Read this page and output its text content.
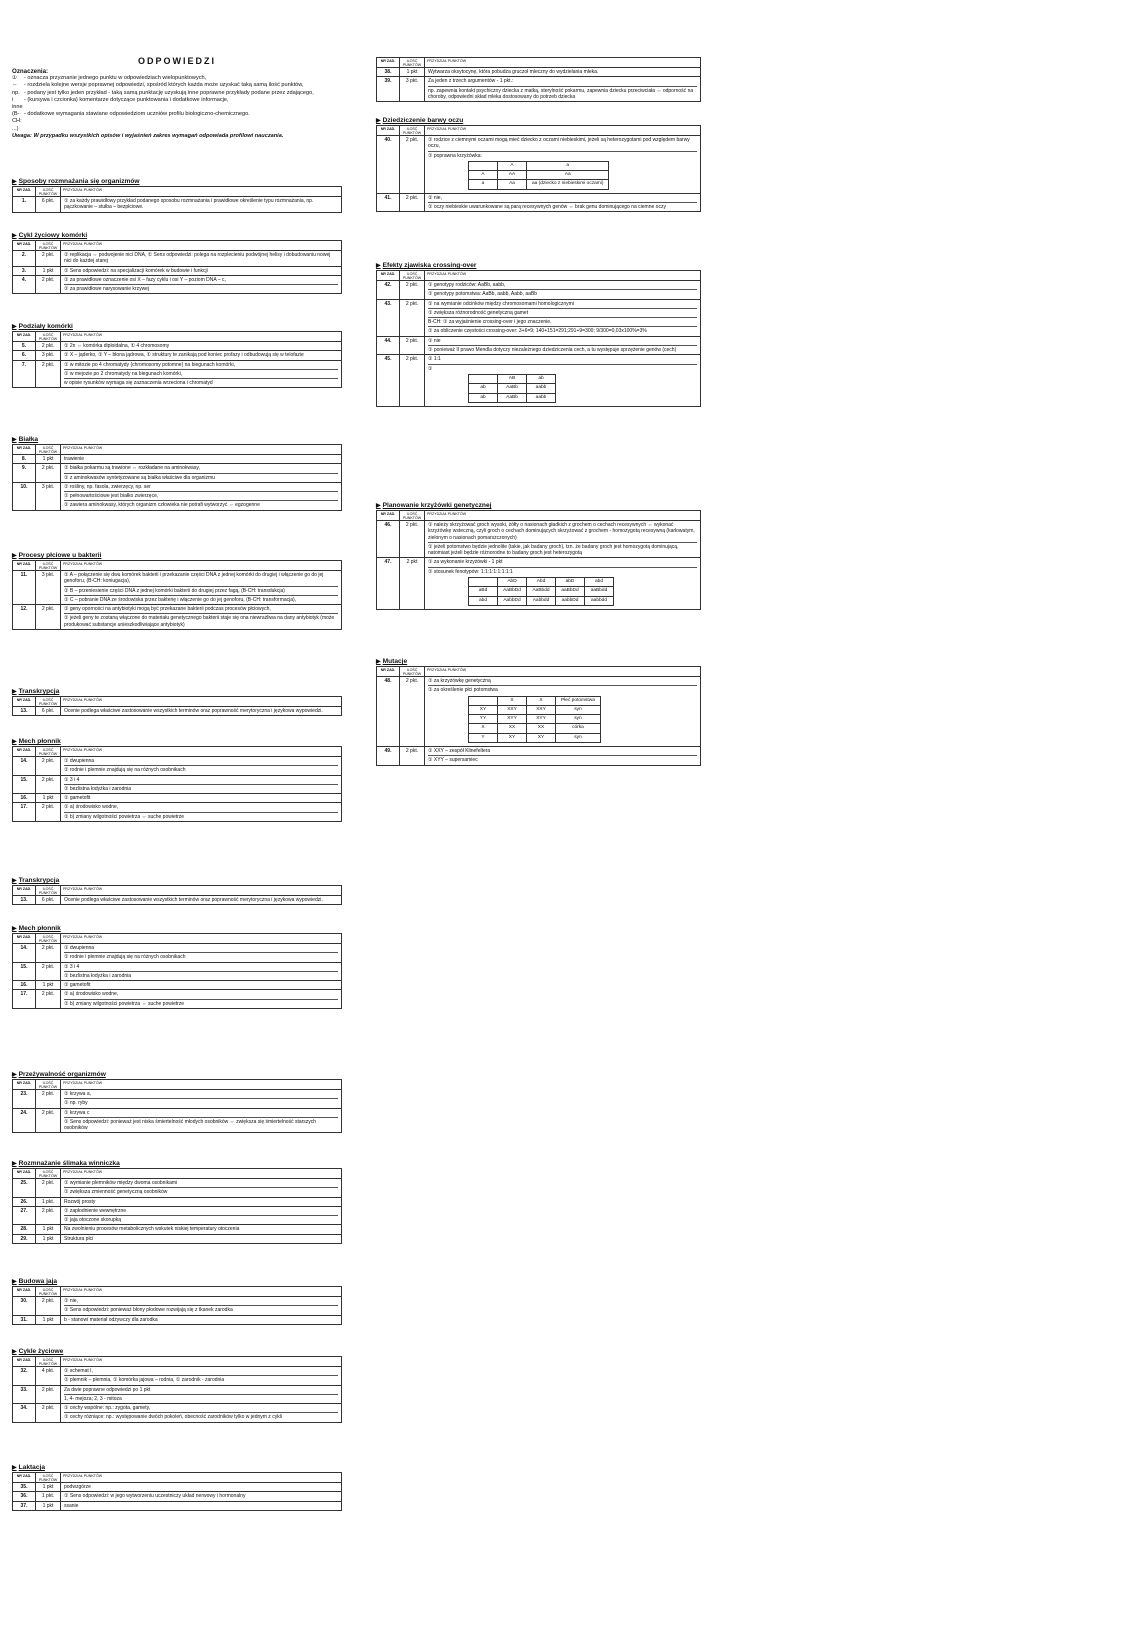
ODPOWIEDZI
Oznaczenia:
①	- oznacza przyznanie jednego punktu w odpowiedziach wielopunktowych,
⇔	- rozdziela kolejne wersje poprawnej odpowiedzi, spośród których każda może uzyskać taką samą ilość punktów,
np. - podany jest tylko jeden przykład - taką samą punktację uzyskują inne poprawne przykłady podane przez zdającego,
i inne
- (kursywa i czcionka) komentarze dotyczące punktowania i dodatkowe informacje,
(B-CH: ...)
- dodatkowe wymagania stawiane odpowiedziom uczniów profilu biologiczno-chemicznego.
Uwaga: W przypadku wszystkich opisów i wyjaśnień zakres wymagań odpowiada profilowi nauczania.
▶ Sposoby rozmnażania się organizmów
NR ZAD.	ILOŚĆ PUNKTÓW	PRZYDZIAŁ PUNKTÓW
1.	6 pkt.	① za każdy prawidłowy przykład podanego sposobu rozmnażania i prawidłowe określenie typu rozmnażania, np. pączkowanie – stułba – bezpłciowe.
▶ Cykl życiowy komórki
NR ZAD.	ILOŚĆ PUNKTÓW	PRZYDZIAŁ PUNKTÓW
2.	2 pkt.	① replikacja ⇔ podwojenie nici DNA, ① Sens odpowiedzi: polega na rozplecieniu podwójnej helisy i dobudowaniu nowej nici do każdej starej

3.	1 pkt	① Sens odpowiedzi: na specjalizacji komórek w budowie i funkcji

4.	2 pkt.	① za prawidłowe oznaczenie osi X – fazy cyklu i osi Y – poziom DNA – c,
① za prawidłowe narysowanie krzywej
▶ Podziały komórki
NR ZAD.	ILOŚĆ PUNKTÓW	PRZYDZIAŁ PUNKTÓW
5.	2 pkt.	① 2n ⇔ komórka diploidalna, ① 4 chromosomy

6.	3 pkt.	① X – jąderko, ① Y – błona jądrowa, ① struktury te zanikają pod koniec profazy i odbudowują się w telofazie

7.	2 pkt.	① w mitozie po 4 chromatydy (chromosomy potomne) na biegunach komórki,
① w mejozie po 2 chromatydy na biegunach komórki,
w opisie rysunków wymaga się zaznaczenia wrzeciona i chromatyd
▶ Białka
NR ZAD.	ILOŚĆ PUNKTÓW	PRZYDZIAŁ PUNKTÓW
8.	1 pkt	trawienie

9.	2 pkt.	① białka pokarmu są trawione ⇔ rozkładane na aminokwasy,
① z aminokwasów syntetyzowane są białka właściwe dla organizmu

10.	3 pkt.	① rośliny, np. fasola, zwierzęcy, np. ser
① pełnowartościowe jest białko zwierzęce,
① zawiera aminokwasy, których organizm człowieka nie potrafi wytworzyć ⇔ egzogenne
▶ Procesy płciowe u bakterii
NR ZAD.	ILOŚĆ PUNKTÓW	PRZYDZIAŁ PUNKTÓW
11.	3 pkt.	① A – połączenie się dwu komórek bakterii i przekazanie części DNA z jednej komórki do drugiej i włączenie go do jej genoforu, (B-CH: koniugacja),
① B – przeniesienie części DNA z jednej komórki bakterii do drugiej przez fagą, (B-CH: transdukcja)
① C – pobranie DNA ze środowiska przez bakterię i włączenie go do jej genoforu, (B-CH: transformacja),

12.	2 pkt.	① geny oporności na antybiotyki mogą być przekazane bakterii podczas procesów płciowych,
① jeżeli geny te zostaną włączone do materiału genetycznego bakterii staje się ona niewrażliwa na dany antybiotyk (może produkować substancje unieszkodliwiające antybiotyk)
▶ Transkrypcja
NR ZAD.	ILOŚĆ PUNKTÓW	PRZYDZIAŁ PUNKTÓW
13.	6 pkt.	Ocenie podlega właściwe zastosowanie wszystkich terminów oraz poprawność merytoryczna i językowa wypowiedzi.
▶ Mech płonnik
NR ZAD.	ILOŚĆ PUNKTÓW	PRZYDZIAŁ PUNKTÓW
14.	2 pkt.	① dwupienna
① rodnie i plemnie znajdują się na różnych osobnikach

15.	2 pkt.	① 3 i 4
① bezlistna łodyżka i zarodnia

16.	1 pkt	① gametofit

17.	2 pkt.	① a) środowisko wodne,
① b) zmiany wilgotności powietrza ⇔ suche powietrze
▶ Transkrypcja
NR ZAD.	ILOŚĆ PUNKTÓW	PRZYDZIAŁ PUNKTÓW
13.	6 pkt.	Ocenie podlega właściwe zastosowanie wszystkich terminów oraz poprawność merytoryczna i językowa wypowiedzi.
▶ Mech płonnik
NR ZAD.	ILOŚĆ PUNKTÓW	PRZYDZIAŁ PUNKTÓW
14.	2 pkt.	① dwupienna
① rodnie i plemnie znajdują się na różnych osobnikach

15.	2 pkt.	① 3 i 4
① bezlistna łodyżka i zarodnia

16.	1 pkt	① gametofit

17.	2 pkt.	① a) środowisko wodne,
① b) zmiany wilgotności powietrza ⇔ suche powietrze
▶ Przeżywalność organizmów
NR ZAD.	ILOŚĆ PUNKTÓW	PRZYDZIAŁ PUNKTÓW
23.	2 pkt.	① krzywa a,
① np. ryby

24.	2 pkt.	① krzywa c
① Sens odpowiedzi: ponieważ jest niska śmiertelność młodych osobników ⇔ zwiększa się śmiertelność starszych osobników
▶ Rozmnażanie ślimaka winniczka
NR ZAD.	ILOŚĆ PUNKTÓW	PRZYDZIAŁ PUNKTÓW
25.	2 pkt.	① wymianie plemników między dwoma osobnikami
① zwiększa zmienność genetyczną osobników

26.	1 pkt.	Rozwój prosty

27.	2 pkt.	① zapłodnienie wewnętrzne
① jaja otoczone skorupką

28.	1 pkt	Na zwolnieniu procesów metabolicznych wskutek niskiej temperatury otoczenia

29.	1 pkt	Struktura płci
▶ Budowa jaja
NR ZAD.	ILOŚĆ PUNKTÓW	PRZYDZIAŁ PUNKTÓW
30.	2 pkt.	① nie,
① Sens odpowiedzi: ponieważ błony płodowe rozwijają się z tkanek zarodka

31.	1 pkt	b - stanowi materiał odżywczy dla zarodka
▶ Cykle życiowe
NR ZAD.	ILOŚĆ PUNKTÓW	PRZYDZIAŁ PUNKTÓW
32.	4 pkt.	① schemat I,
① plemnik – plemnia, ① komórka jajowa – rodnia, ① zarodnik - zarodnia

33.	2 pkt.	Za dwie poprawne odpowiedzi po 1 pkt
1, 4- mejoza; 2, 3 - mitoza

34.	2 pkt.	① cechy wspólne: np.: zygota, gamety,
① cechy różniące: np.: występowanie dwóch pokoleń, obecność zarodników tylko w jednym z cykli
▶ Laktacja
NR ZAD.	ILOŚĆ PUNKTÓW	PRZYDZIAŁ PUNKTÓW
35.	1 pkt	podwzgórze

36.	1 pkt.	① Sens odpowiedzi: w jego wytworzeniu uczestniczy układ nerwowy i hormonalny

37.	1 pkt	ssanie
NR ZAD.	ILOŚĆ PUNKTÓW	PRZYDZIAŁ PUNKTÓW
38.	1 pkt	Wytwarza oksytocynę, która pobudza gruczoł mleczny do wydzielania mleka.

39.	3 pkt.	Za jeden z trzech argumentów - 1 pkt.:
np. zapewnia kontakt psychiczny dziecka z matką, sterylność pokarmu, zapewnia dziecku przeciwciała ⇔ odporność na choroby, odpowiedni skład mleka dostosowany do potrzeb dziecka
▶ Dziedziczenie barwy oczu
NR ZAD.	ILOŚĆ PUNKTÓW	PRZYDZIAŁ PUNKTÓW
40.	2 pkt.	① rodzice z ciemnymi oczami mogą mieć dziecko z oczami niebieskimi, jeżeli są heterozygotami pod względem barwy oczu,
① poprawna krzyżówka:
	A	a
A	AA	Aa
a	Aa	aa (dziecko z niebieskimi oczami)

41.	2 pkt.	① nie,
① oczy niebieskie uwarunkowane są parą recesywnych genów ⇔ brak genu dominującego na ciemne oczy
▶ Efekty zjawiska crossing-over
NR ZAD.	ILOŚĆ PUNKTÓW	PRZYDZIAŁ PUNKTÓW
42.	2 pkt.	① genotypy rodziców: AaBb, aabb,
① genotypy potomstwa: AaBb, aabb, Aabb, aaBb

43.	2 pkt.	① na wymianie odcinków między chromosomami homologicznymi
① zwiększa różnorodność genetyczną gamet
B-CH: ① za wyjaśnienie crossing-over i jego znaczenie.
① za obliczenie częstości crossing-over: 3+6=9; 140+151=291;291+9=300; 9/300=0,03x100%=3%

44.	2 pkt.	① nie
① ponieważ II prawo Mendla dotyczy niezależnego dziedziczenia cech, a tu występuje sprzężenie genów (cech)

45.	2 pkt.	① 1:1
①
	AB	ab
ab	AaBb	aabb
ab	AaBb	aabb
▶ Planowanie krzyżówki genetycznej
NR ZAD.	ILOŚĆ PUNKTÓW	PRZYDZIAŁ PUNKTÓW
46.	2 pkt.	① należy skrzyżować groch wysoki, żółty o nasionach gładkich z grochem o cechach recesywnych ⇔ wykonać krzyżówkę wsteczną, czyli groch o cechach dominujących skrzyżować z grochem - homozygotą recesywną (karłowatym, zielonym o nasionach pomarszczonych)
① jeżeli potomstwo będzie jednolite (takie, jak badany groch), tzn. że badany groch jest homozygotą dominującą, natomiast jeżeli będzie różnorodne to badany groch jest heterozygotą

47.	2 pkt	① za wykonanie krzyżówki - 1 pkt
① stosunek fenotypów: 1:1:1:1:1:1:1:1
	AbD	Abd	abD	abd
aBd	AaBbDd	AaBbdd	aaBbDd	aaBbdd
abd	AabbDd	Aabbdd	aabbDd	aabbdd
▶ Mutacje
NR ZAD.	ILOŚĆ PUNKTÓW	PRZYDZIAŁ PUNKTÓW
48.	2 pkt.	① za krzyżówkę genetyczną
① za określenie płci potomstwa
	X	X	Płeć potomstwa
XY	XXY	XXY	syn
YY	XYY	XYY	syn
X	XX	XX	córka
Y	XY	XY	syn

49.	2 pkt.	① XXY – zespół Klinefeltera
① XYY – supersamiec
